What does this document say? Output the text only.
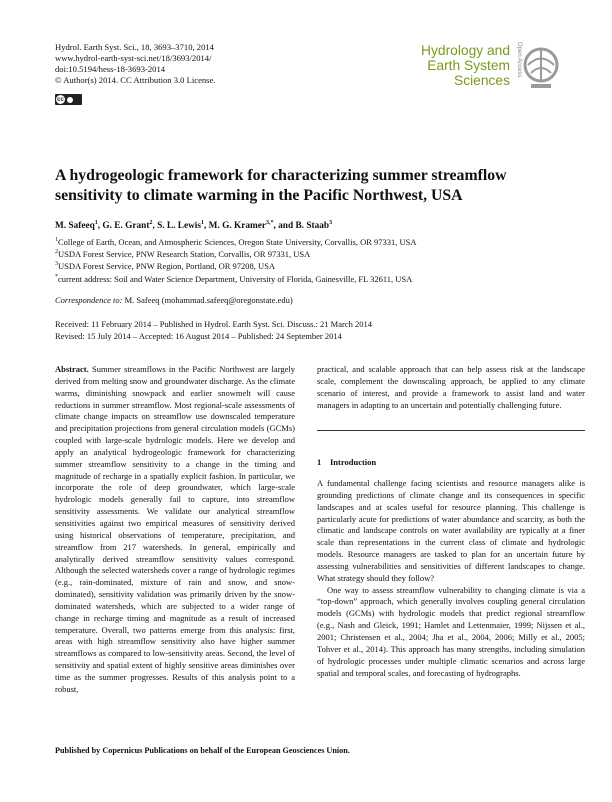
Hydrol. Earth Syst. Sci., 18, 3693–3710, 2014
www.hydrol-earth-syst-sci.net/18/3693/2014/
doi:10.5194/hess-18-3693-2014
© Author(s) 2014. CC Attribution 3.0 License.
cc
Hydrology and
Earth System
Sciences
Open Access
A hydrogeologic framework for characterizing summer streamflow sensitivity to climate warming in the Pacific Northwest, USA
M. Safeeq$^1$, G. E. Grant$^2$, S. L. Lewis$^1$, M. G. Kramer$^{3,*}$, and B. Staab$^3$
$^1$College of Earth, Ocean, and Atmospheric Sciences, Oregon State University, Corvallis, OR 97331, USA
$^2$USDA Forest Service, PNW Research Station, Corvallis, OR 97331, USA
$^3$USDA Forest Service, PNW Region, Portland, OR 97208, USA
*current address: Soil and Water Science Department, University of Florida, Gainesville, FL 32611, USA
Correspondence to: M. Safeeq (mohammad.safeeq@oregonstate.edu)
Received: 11 February 2014 – Published in Hydrol. Earth Syst. Sci. Discuss.: 21 March 2014
Revised: 15 July 2014 – Accepted: 16 August 2014 – Published: 24 September 2014

Abstract. Summer streamflows in the Pacific Northwest are largely derived from melting snow and groundwater discharge. As the climate warms, diminishing snowpack and earlier snowmelt will cause reductions in summer streamflow. Most regional-scale assessments of climate change impacts on streamflow use downscaled temperature and precipitation projections from general circulation models (GCMs) coupled with large-scale hydrologic models. Here we develop and apply an analytical hydrogeologic framework for characterizing summer streamflow sensitivity to a change in the timing and magnitude of recharge in a spatially explicit fashion. In particular, we incorporate the role of deep groundwater, which large-scale hydrologic models generally fail to capture, into streamflow sensitivity assessments. We validate our analytical streamflow sensitivities against two empirical measures of sensitivity derived using historical observations of temperature, precipitation, and streamflow from 217 watersheds. In general, empirically and analytically derived streamflow sensitivity values correspond. Although the selected watersheds cover a range of hydrologic regimes (e.g., rain-dominated, mixture of rain and snow, and snow-dominated), sensitivity validation was primarily driven by the snow-dominated watersheds, which are subjected to a wider range of change in recharge timing and magnitude as a result of increased temperature. Overall, two patterns emerge from this analysis: first, areas with high streamflow sensitivity also have higher summer streamflows as compared to low-sensitivity areas. Second, the level of sensitivity and spatial extent of highly sensitive areas diminishes over time as the summer progresses. Results of this analysis point to a robust,

practical, and scalable approach that can help assess risk at the landscape scale, complement the downscaling approach, be applied to any climate scenario of interest, and provide a framework to assist land and water managers in adapting to an uncertain and potentially challenging future.

1 Introduction

A fundamental challenge facing scientists and resource managers alike is grounding predictions of climate change and its consequences in specific landscapes and at scales useful for resource planning. This challenge is particularly acute for predictions of water abundance and scarcity, as both the climatic and landscape controls on water availability are typically at a finer scale than representations in the current class of climate and hydrologic models. Resource managers are tasked to plan for an uncertain future by assessing vulnerabilities and sensitivities of different landscapes to change. What strategy should they follow?

One way to assess streamflow vulnerability to changing climate is via a “top-down” approach, which generally involves coupling general circulation models (GCMs) with hydrologic models that predict regional streamflow (e.g., Nash and Gleick, 1991; Hamlet and Lettenmaier, 1999; Nijssen et al., 2001; Christensen et al., 2004; Jha et al., 2004, 2006; Milly et al., 2005; Tohver et al., 2014). This approach has many strengths, including simulation of hydrologic processes under multiple climatic scenarios and across large spatial and temporal scales, and forecasting of hydrographs.

Published by Copernicus Publications on behalf of the European Geosciences Union.
